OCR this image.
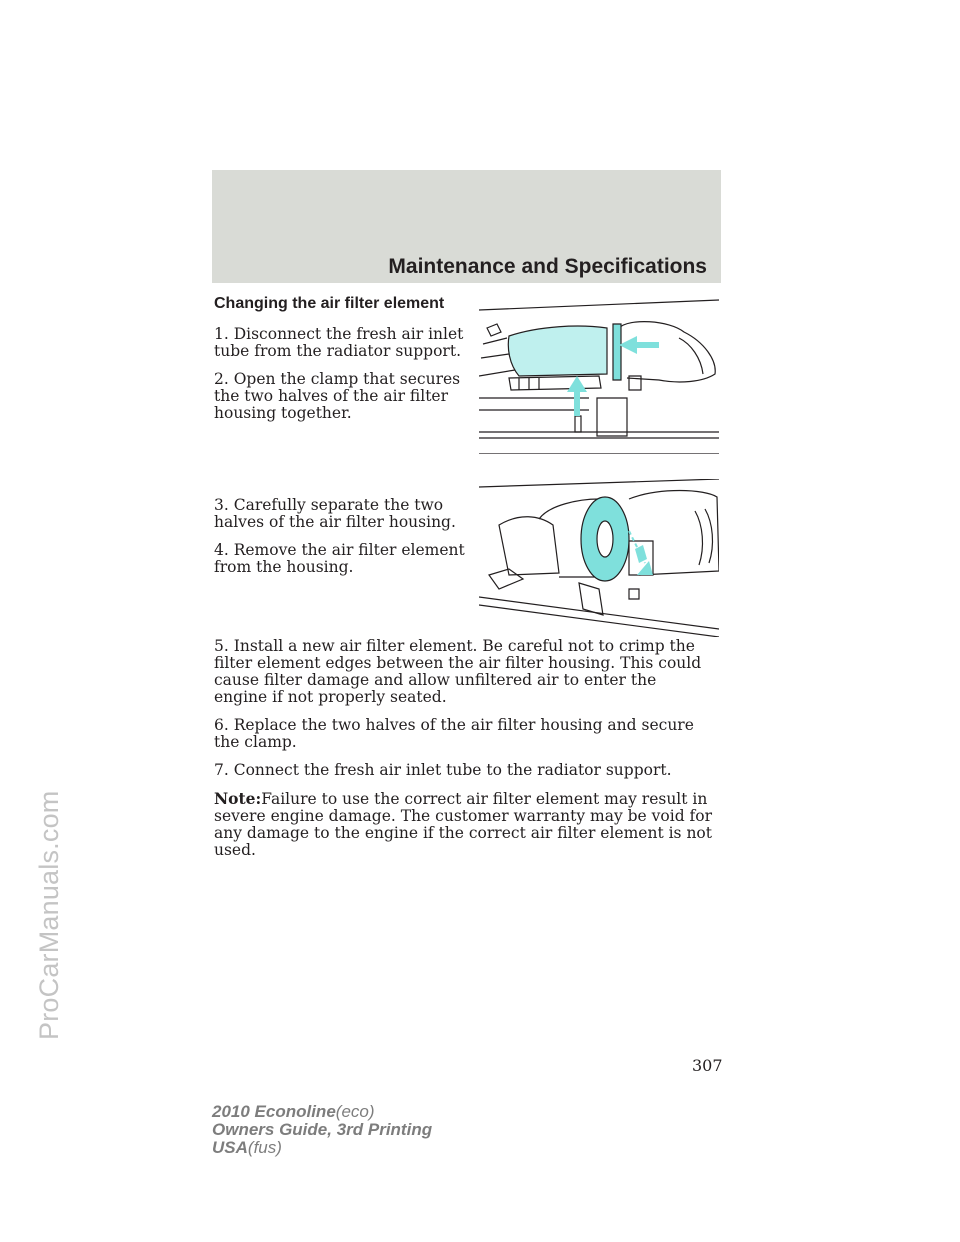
ProCarManuals.com
Maintenance and Specifications
Changing the air filter element

1. Disconnect the fresh air inlet tube from the radiator support.

2. Open the clamp that secures the two halves of the air filter housing together.

3. Carefully separate the two halves of the air filter housing.

4. Remove the air filter element from the housing.

5. Install a new air filter element. Be careful not to crimp the filter element edges between the air filter housing. This could cause filter damage and allow unfiltered air to enter the engine if not properly seated.

6. Replace the two halves of the air filter housing and secure the clamp.

7. Connect the fresh air inlet tube to the radiator support.

Note:Failure to use the correct air filter element may result in severe engine damage. The customer warranty may be void for any damage to the engine if the correct air filter element is not used.

307
2010 Econoline(eco)
Owners Guide, 3rd Printing
USA(fus)
